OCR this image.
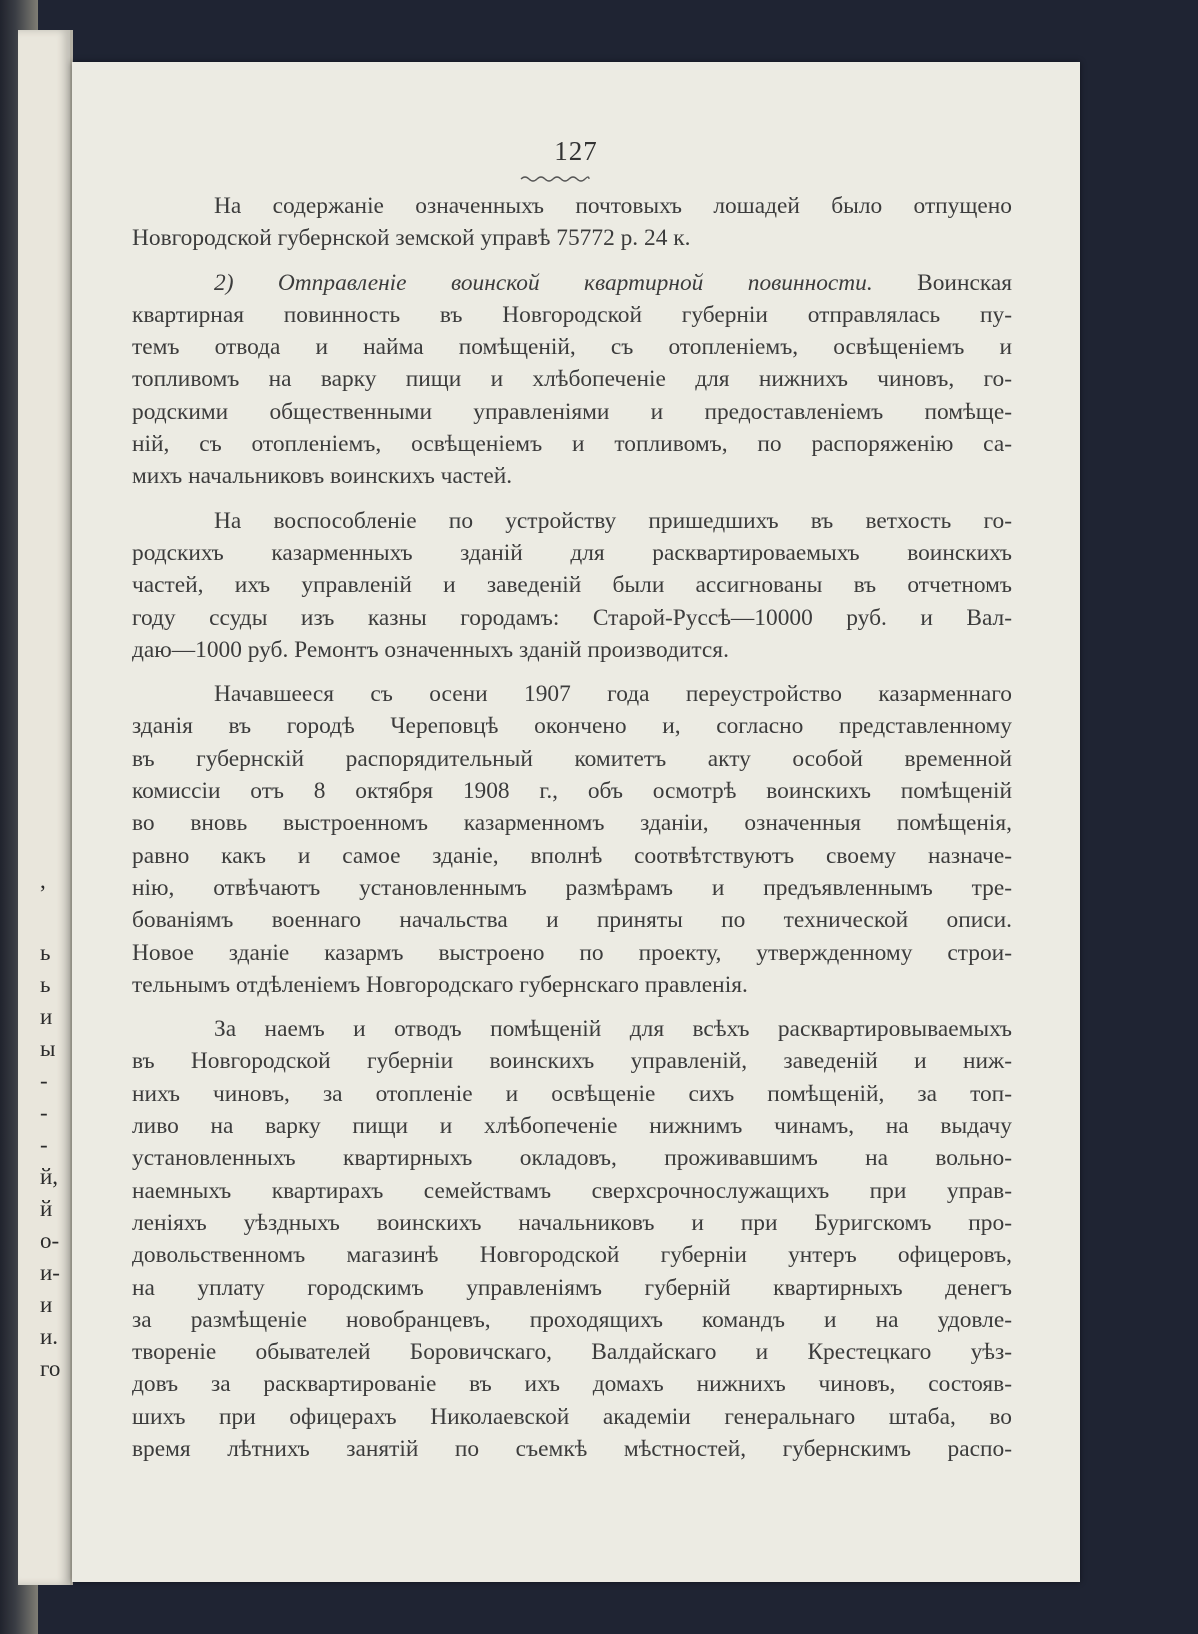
,
ь
ь
и
ы
-
-
-
й,
й
о-
и-
и
и.
го
127
На содержаніе означенныхъ почтовыхъ лошадей было отпущено
Новгородской губернской земской управѣ 75772 р. 24 к.
2) Отправленіе воинской квартирной повинности. Воинская
квартирная повинность въ Новгородской губерніи отправлялась пу-
темъ отвода и найма помѣщеній, съ отопленіемъ, освѣщеніемъ и
топливомъ на варку пищи и хлѣбопеченіе для нижнихъ чиновъ, го-
родскими общественными управленіями и предоставленіемъ помѣще-
ній, съ отопленіемъ, освѣщеніемъ и топливомъ, по распоряженію са-
михъ начальниковъ воинскихъ частей.
На воспособленіе по устройству пришедшихъ въ ветхость го-
родскихъ казарменныхъ зданій для расквартироваемыхъ воинскихъ
частей, ихъ управленій и заведеній были ассигнованы въ отчетномъ
году ссуды изъ казны городамъ: Старой-Руссѣ—10000 руб. и Вал-
даю—1000 руб. Ремонтъ означенныхъ зданій производится.
Начавшееся съ осени 1907 года переустройство казарменнаго
зданія въ городѣ Череповцѣ окончено и, согласно представленному
въ губернскій распорядительный комитетъ акту особой временной
комиссіи отъ 8 октября 1908 г., объ осмотрѣ воинскихъ помѣщеній
во вновь выстроенномъ казарменномъ зданіи, означенныя помѣщенія,
равно какъ и самое зданіе, вполнѣ соотвѣтствуютъ своему назначе-
нію, отвѣчаютъ установленнымъ размѣрамъ и предъявленнымъ тре-
бованіямъ военнаго начальства и приняты по технической описи.
Новое зданіе казармъ выстроено по проекту, утвержденному строи-
тельнымъ отдѣленіемъ Новгородскаго губернскаго правленія.
За наемъ и отводъ помѣщеній для всѣхъ расквартировываемыхъ
въ Новгородской губерніи воинскихъ управленій, заведеній и ниж-
нихъ чиновъ, за отопленіе и освѣщеніе сихъ помѣщеній, за топ-
ливо на варку пищи и хлѣбопеченіе нижнимъ чинамъ, на выдачу
установленныхъ квартирныхъ окладовъ, проживавшимъ на вольно-
наемныхъ квартирахъ семействамъ сверхсрочнослужащихъ при управ-
леніяхъ уѣздныхъ воинскихъ начальниковъ и при Буригскомъ про-
довольственномъ магазинѣ Новгородской губерніи унтеръ офицеровъ,
на уплату городскимъ управленіямъ губерній квартирныхъ денегъ
за размѣщеніе новобранцевъ, проходящихъ командъ и на удовле-
твореніе обывателей Боровичскаго, Валдайскаго и Крестецкаго уѣз-
довъ за расквартированіе въ ихъ домахъ нижнихъ чиновъ, состояв-
шихъ при офицерахъ Николаевской академіи генеральнаго штаба, во
время лѣтнихъ занятій по съемкѣ мѣстностей, губернскимъ распо-
